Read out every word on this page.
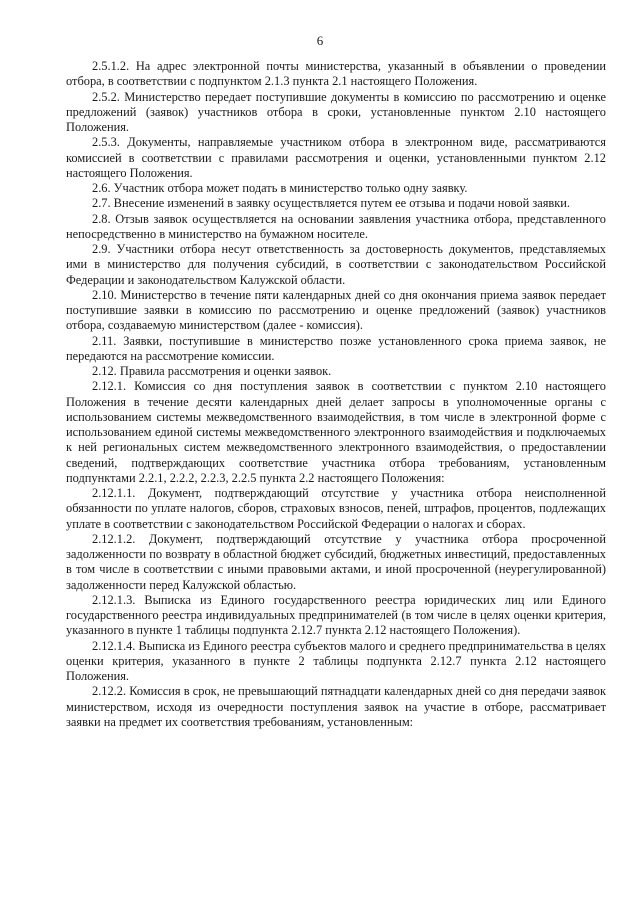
6

2.5.1.2. На адрес электронной почты министерства, указанный в объявлении о проведении отбора, в соответствии с подпунктом 2.1.3 пункта 2.1 настоящего Положения.

2.5.2. Министерство передает поступившие документы в комиссию по рассмотрению и оценке предложений (заявок) участников отбора в сроки, установленные пунктом 2.10 настоящего Положения.

2.5.3. Документы, направляемые участником отбора в электронном виде, рассматриваются комиссией в соответствии с правилами рассмотрения и оценки, установленными пунктом 2.12 настоящего Положения.

2.6. Участник отбора может подать в министерство только одну заявку.

2.7. Внесение изменений в заявку осуществляется путем ее отзыва и подачи новой заявки.

2.8. Отзыв заявок осуществляется на основании заявления участника отбора, представленного непосредственно в министерство на бумажном носителе.

2.9. Участники отбора несут ответственность за достоверность документов, представляемых ими в министерство для получения субсидий, в соответствии с законодательством Российской Федерации и законодательством Калужской области.

2.10. Министерство в течение пяти календарных дней со дня окончания приема заявок передает поступившие заявки в комиссию по рассмотрению и оценке предложений (заявок) участников отбора, создаваемую министерством (далее - комиссия).

2.11. Заявки, поступившие в министерство позже установленного срока приема заявок, не передаются на рассмотрение комиссии.

2.12. Правила рассмотрения и оценки заявок.

2.12.1. Комиссия со дня поступления заявок в соответствии с пунктом 2.10 настоящего Положения в течение десяти календарных дней делает запросы в уполномоченные органы с использованием системы межведомственного взаимодействия, в том числе в электронной форме с использованием единой системы межведомственного электронного взаимодействия и подключаемых к ней региональных систем межведомственного электронного взаимодействия, о предоставлении сведений, подтверждающих соответствие участника отбора требованиям, установленным подпунктами 2.2.1, 2.2.2, 2.2.3, 2.2.5 пункта 2.2 настоящего Положения:

2.12.1.1. Документ, подтверждающий отсутствие у участника отбора неисполненной обязанности по уплате налогов, сборов, страховых взносов, пеней, штрафов, процентов, подлежащих уплате в соответствии с законодательством Российской Федерации о налогах и сборах.

2.12.1.2. Документ, подтверждающий отсутствие у участника отбора просроченной задолженности по возврату в областной бюджет субсидий, бюджетных инвестиций, предоставленных в том числе в соответствии с иными правовыми актами, и иной просроченной (неурегулированной) задолженности перед Калужской областью.

2.12.1.3. Выписка из Единого государственного реестра юридических лиц или Единого государственного реестра индивидуальных предпринимателей (в том числе в целях оценки критерия, указанного в пункте 1 таблицы подпункта 2.12.7 пункта 2.12 настоящего Положения).

2.12.1.4. Выписка из Единого реестра субъектов малого и среднего предпринимательства в целях оценки критерия, указанного в пункте 2 таблицы подпункта 2.12.7 пункта 2.12 настоящего Положения.

2.12.2. Комиссия в срок, не превышающий пятнадцати календарных дней со дня передачи заявок министерством, исходя из очередности поступления заявок на участие в отборе, рассматривает заявки на предмет их соответствия требованиям, установленным:
